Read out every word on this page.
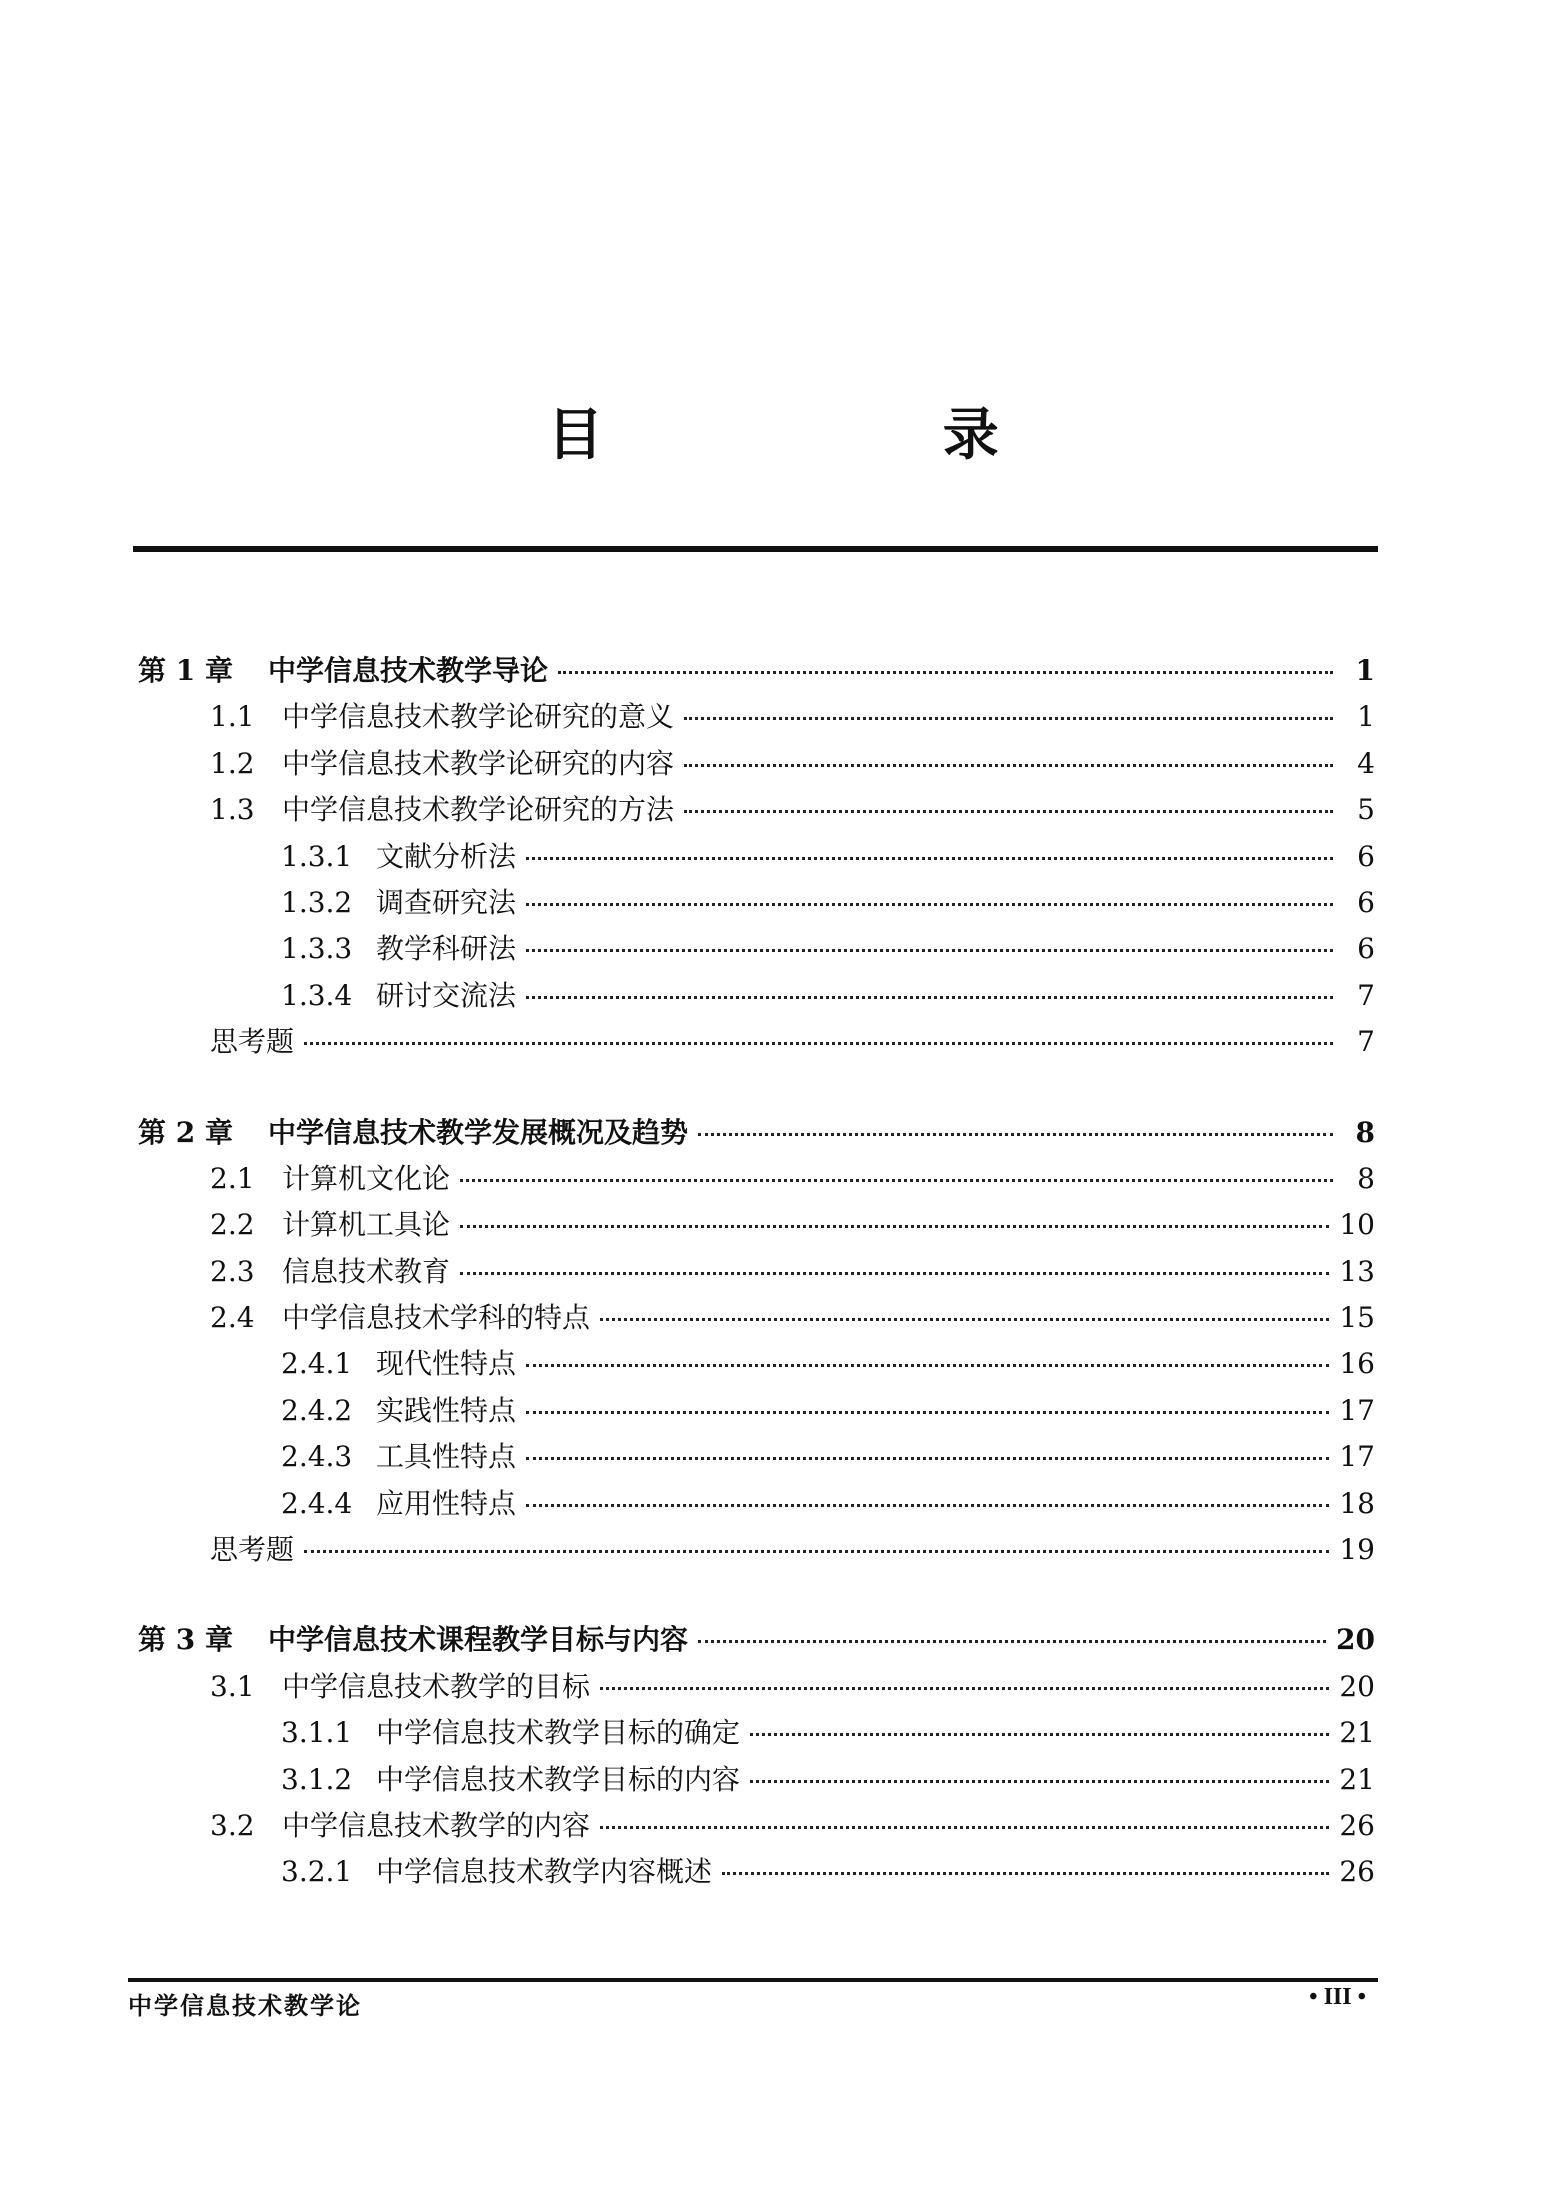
目 录
第 1 章	中学信息技术教学导论	1
1.1 中学信息技术教学论研究的意义	1
1.2 中学信息技术教学论研究的内容	4
1.3 中学信息技术教学论研究的方法	5
1.3.1 文献分析法	6
1.3.2 调查研究法	6
1.3.3 教学科研法	6
1.3.4 研讨交流法	7
思考题	7
第 2 章	中学信息技术教学发展概况及趋势	8
2.1 计算机文化论	8
2.2 计算机工具论	10
2.3 信息技术教育	13
2.4 中学信息技术学科的特点	15
2.4.1 现代性特点	16
2.4.2 实践性特点	17
2.4.3 工具性特点	17
2.4.4 应用性特点	18
思考题	19
第 3 章	中学信息技术课程教学目标与内容	20
3.1 中学信息技术教学的目标	20
3.1.1 中学信息技术教学目标的确定	21
3.1.2 中学信息技术教学目标的内容	21
3.2 中学信息技术教学的内容	26
3.2.1 中学信息技术教学内容概述	26
中学信息技术教学论	• III •
